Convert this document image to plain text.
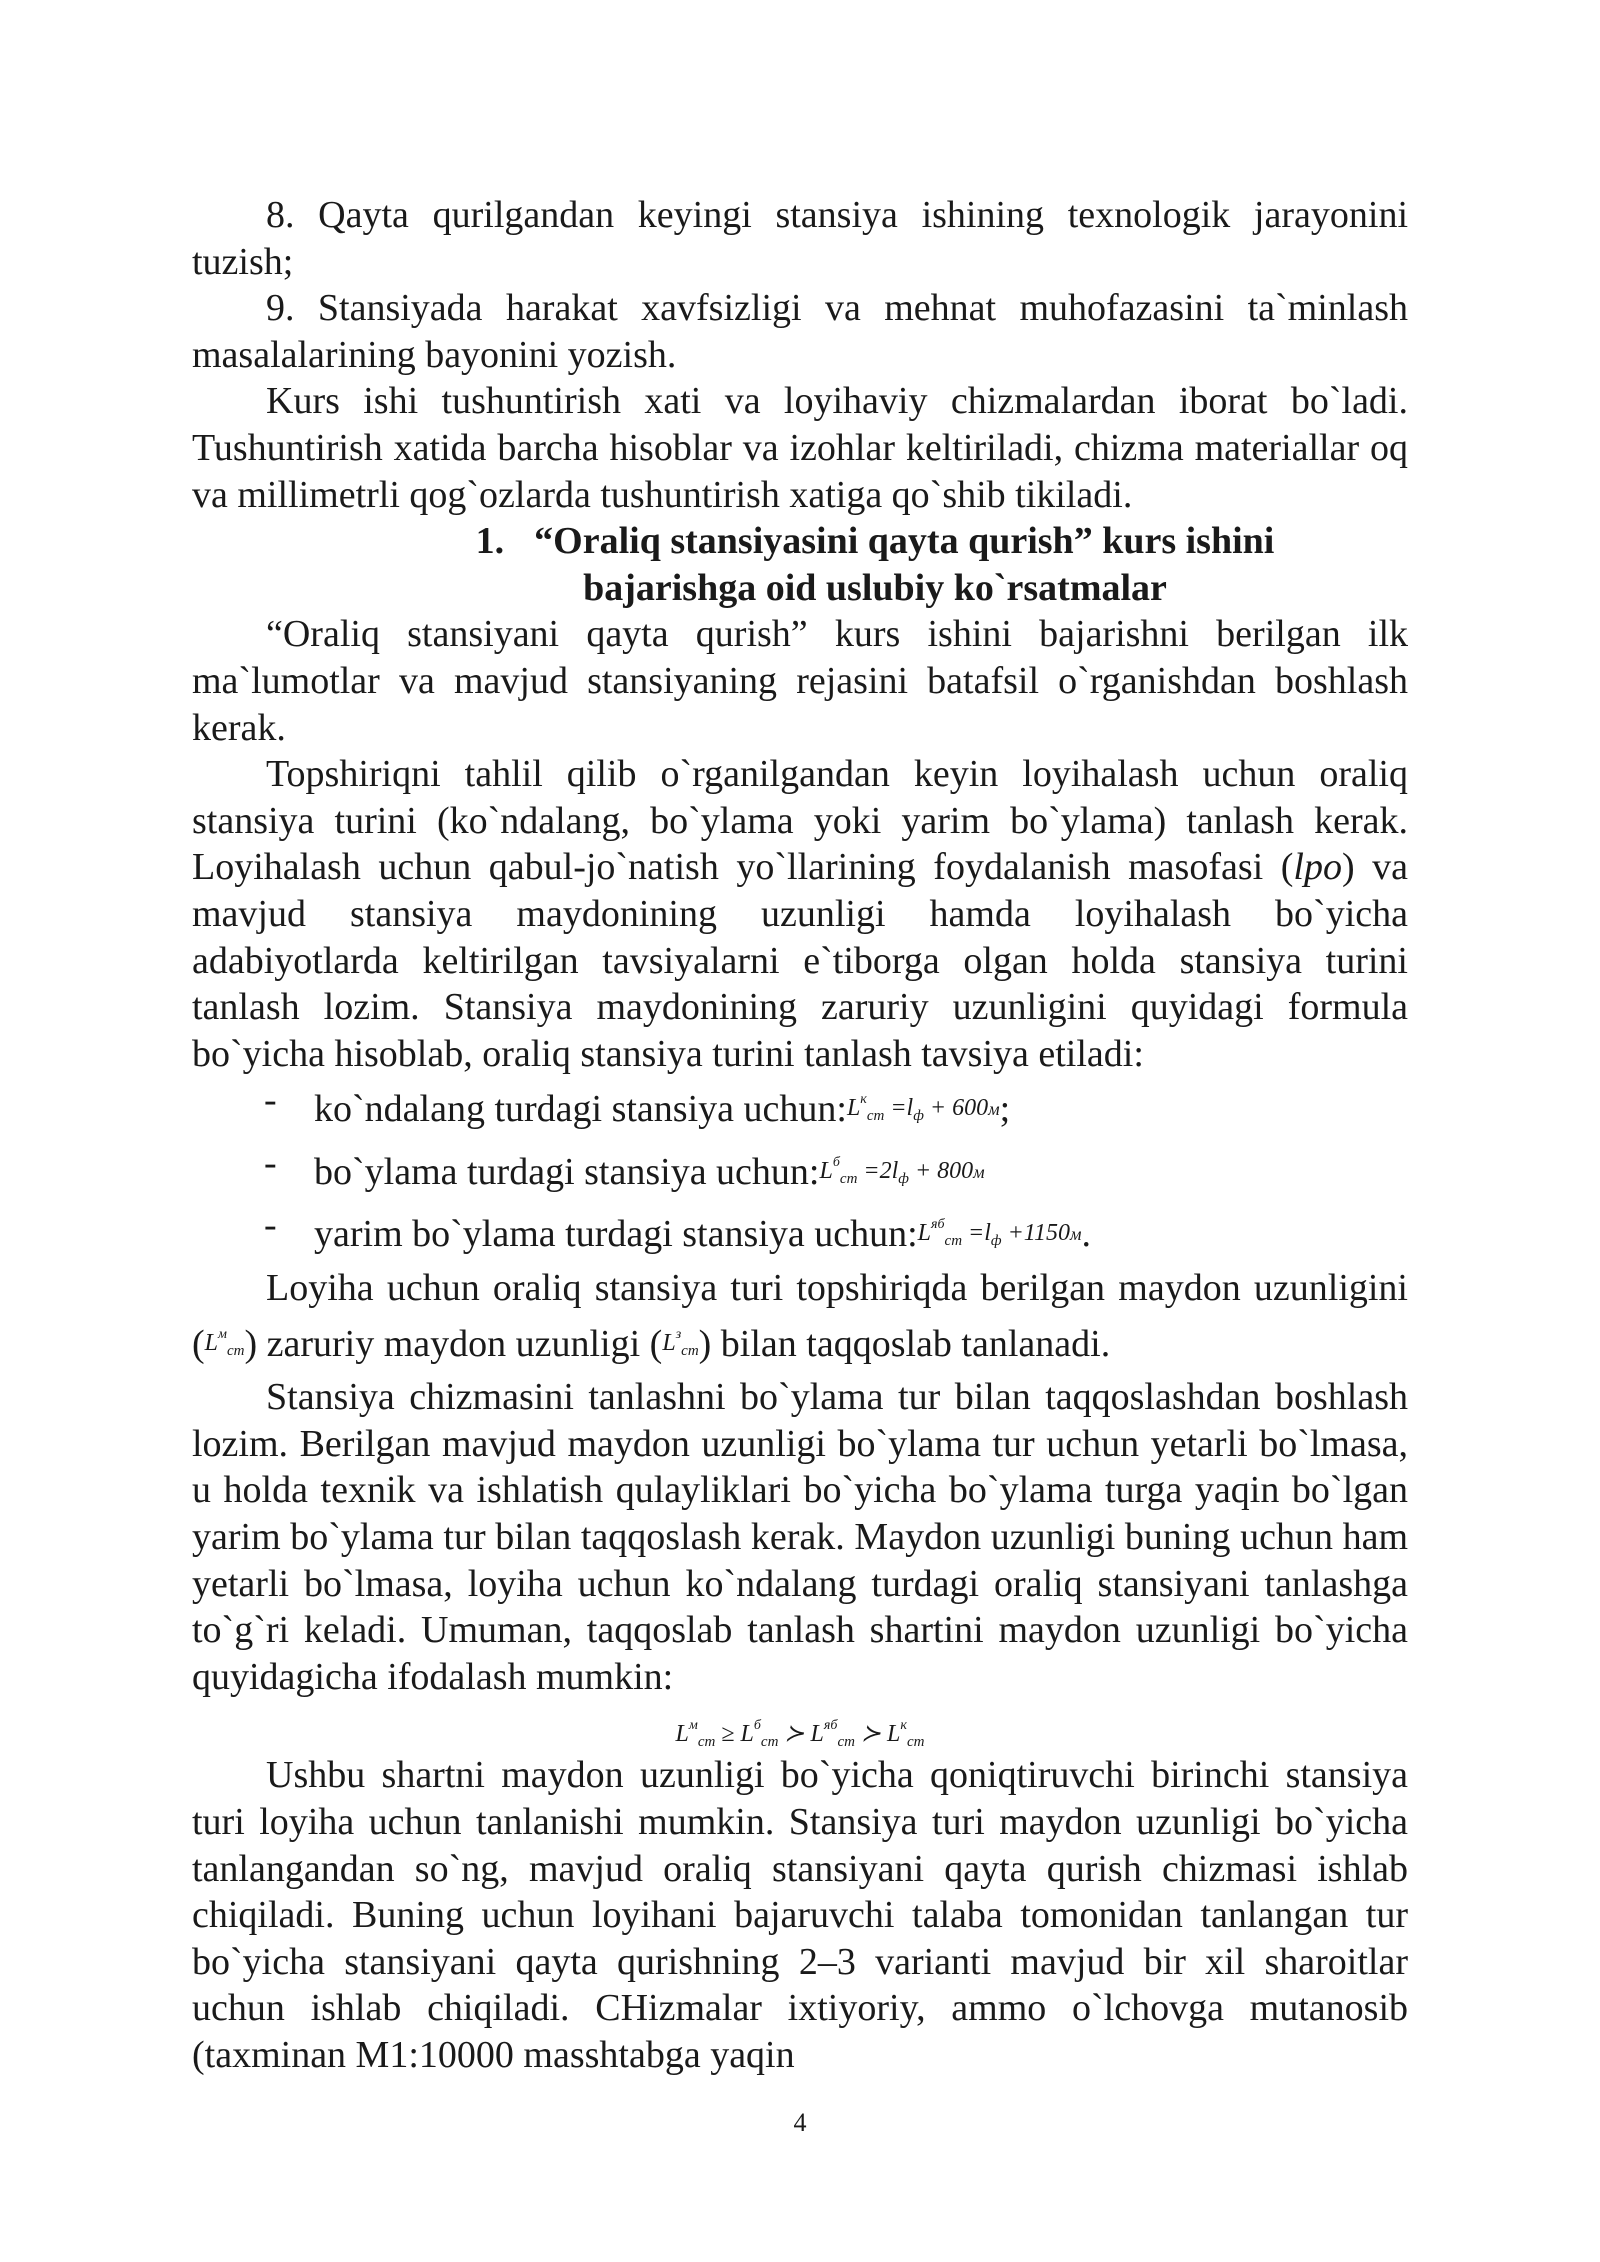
8. Qayta qurilgandan keyingi stansiya ishining texnologik jarayonini tuzish;

9. Stansiyada harakat xavfsizligi va mehnat muhofazasini ta`minlash masalalarining bayonini yozish.

Kurs ishi tushuntirish xati va loyihaviy chizmalardan iborat bo`ladi. Tushuntirish xatida barcha hisoblar va izohlar keltiriladi, chizma materiallar oq va millimetrli qog`ozlarda tushuntirish xatiga qo`shib tikiladi.

1. “Oraliq stansiyasini qayta qurish” kurs ishini
bajarishga oid uslubiy ko`rsatmalar

“Oraliq stansiyani qayta qurish” kurs ishini bajarishni berilgan ilk ma`lumotlar va mavjud stansiyaning rejasini batafsil o`rganishdan boshlash kerak.

Topshiriqni tahlil qilib o`rganilgandan keyin loyihalash uchun oraliq stansiya turini (ko`ndalang, bo`ylama yoki yarim bo`ylama) tanlash kerak. Loyihalash uchun qabul-jo`natish yo`llarining foydalanish masofasi (lpo) va mavjud stansiya maydonining uzunligi hamda loyihalash bo`yicha adabiyotlarda keltirilgan tavsiyalarni e`tiborga olgan holda stansiya turini tanlash lozim. Stansiya maydonining zaruriy uzunligini quyidagi formula bo`yicha hisoblab, oraliq stansiya turini tanlash tavsiya etiladi:

- ko`ndalang turdagi stansiya $uchun:L^к_{ст} =l_ф + 600м$;

- bo`ylama turdagi stansiya $uchun:L^б_{ст} =2l_ф + 800м$

- yarim bo`ylama turdagi stansiya $uchun:L^{яб}_{ст} =l_ф +1150м$.

Loyiha uchun oraliq stansiya turi topshiriqda berilgan maydon uzunligini $(L^м_{ст})$ zaruriy maydon uzunligi $(L^з_{ст})$ bilan taqqoslab tanlanadi.

Stansiya chizmasini tanlashni bo`ylama tur bilan taqqoslashdan boshlash lozim. Berilgan mavjud maydon uzunligi bo`ylama tur uchun yetarli bo`lmasa, u holda texnik va ishlatish qulayliklari bo`yicha bo`ylama turga yaqin bo`lgan yarim bo`ylama tur bilan taqqoslash kerak. Maydon uzunligi buning uchun ham yetarli bo`lmasa, loyiha uchun ko`ndalang turdagi oraliq stansiyani tanlashga to`g`ri keladi. Umuman, taqqoslab tanlash shartini maydon uzunligi bo`yicha quyidagicha ifodalash mumkin:

$L^м_{ст} \ge L^б_{ст}$ ≻ $L^{яб}_{ст}$ ≻ $L^к_{ст}$

Ushbu shartni maydon uzunligi bo`yicha qoniqtiruvchi birinchi stansiya turi loyiha uchun tanlanishi mumkin. Stansiya turi maydon uzunligi bo`yicha tanlangandan so`ng, mavjud oraliq stansiyani qayta qurish chizmasi ishlab chiqiladi. Buning uchun loyihani bajaruvchi talaba tomonidan tanlangan tur bo`yicha stansiyani qayta qurishning 2–3 varianti mavjud bir xil sharoitlar uchun ishlab chiqiladi. CHizmalar ixtiyoriy, ammo o`lchovga mutanosib (taxminan M1:10000 masshtabga yaqin

4
